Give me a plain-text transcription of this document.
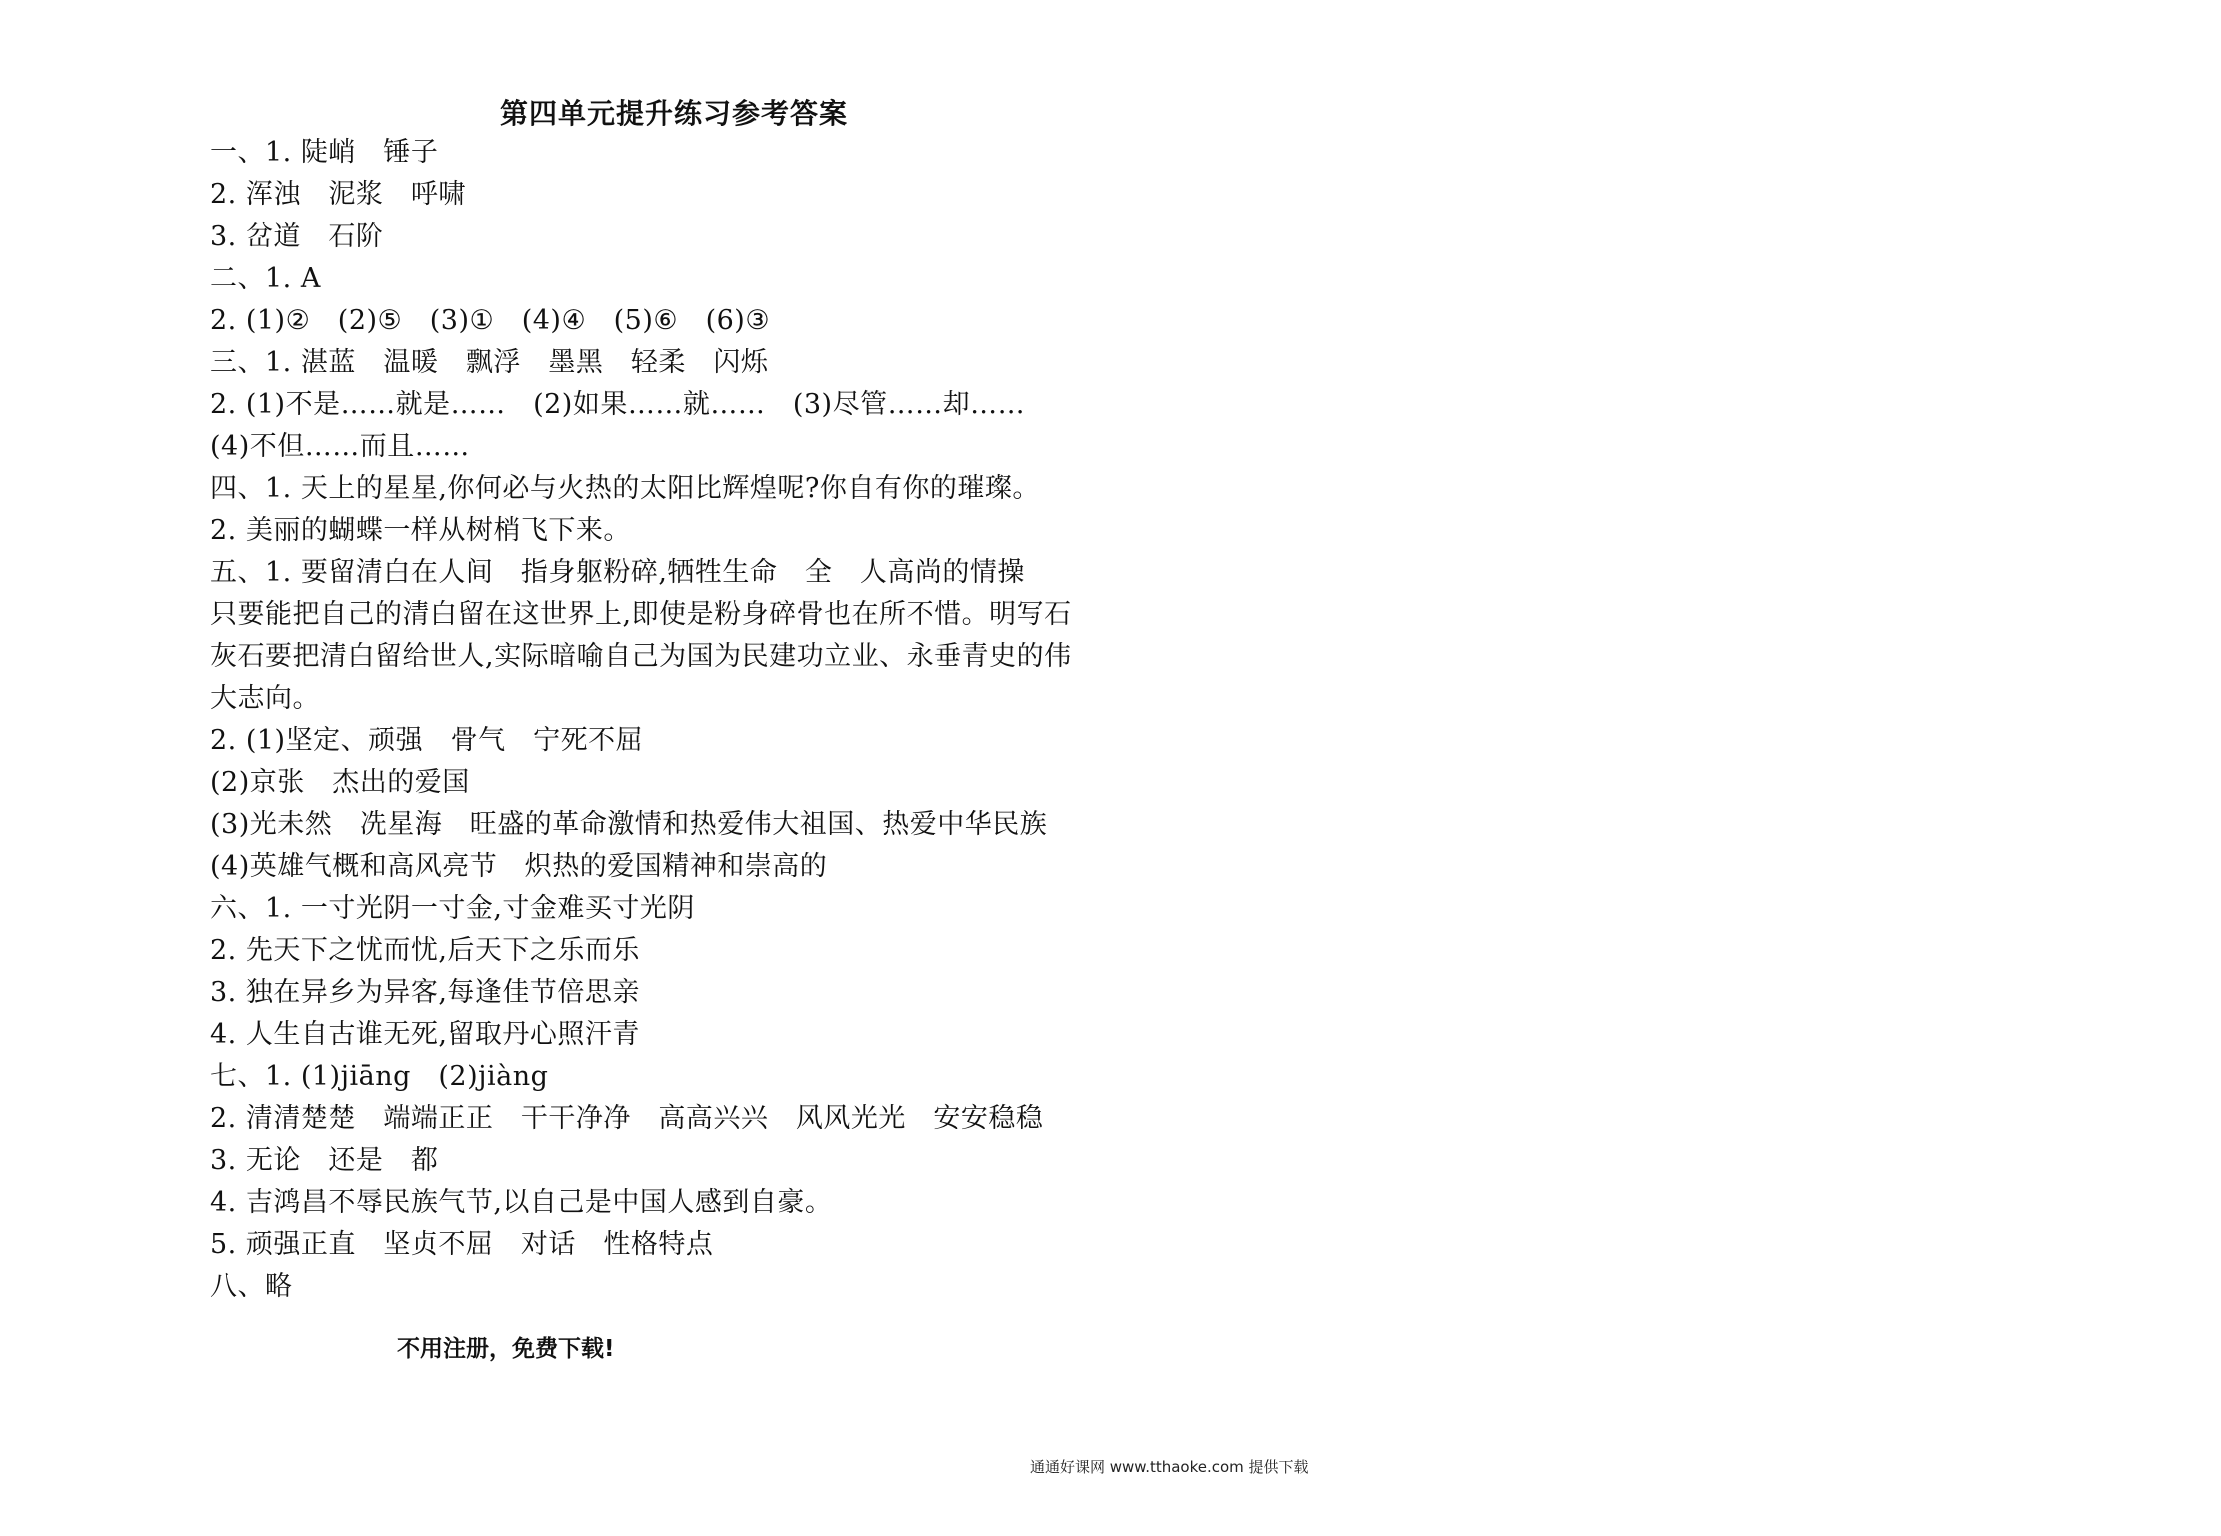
第四单元提升练习参考答案
一、1. 陡峭　锤子
2. 浑浊　泥浆　呼啸
3. 岔道　石阶
二、1. A
2. (1)②　(2)⑤　(3)①　(4)④　(5)⑥　(6)③
三、1. 湛蓝　温暖　飘浮　墨黑　轻柔　闪烁
2. (1)不是……就是……　(2)如果……就……　(3)尽管……却……
(4)不但……而且……
四、1. 天上的星星,你何必与火热的太阳比辉煌呢?你自有你的璀璨。
2. 美丽的蝴蝶一样从树梢飞下来。
五、1. 要留清白在人间　指身躯粉碎,牺牲生命　全　人高尚的情操
只要能把自己的清白留在这世界上,即使是粉身碎骨也在所不惜。明写石
灰石要把清白留给世人,实际暗喻自己为国为民建功立业、永垂青史的伟
大志向。
2. (1)坚定、顽强　骨气　宁死不屈
(2)京张　杰出的爱国
(3)光未然　冼星海　旺盛的革命激情和热爱伟大祖国、热爱中华民族
(4)英雄气概和高风亮节　炽热的爱国精神和崇高的
六、1. 一寸光阴一寸金,寸金难买寸光阴
2. 先天下之忧而忧,后天下之乐而乐
3. 独在异乡为异客,每逢佳节倍思亲
4. 人生自古谁无死,留取丹心照汗青
七、1. (1)jiāng　(2)jiàng
2. 清清楚楚　端端正正　干干净净　高高兴兴　风风光光　安安稳稳
3. 无论　还是　都
4. 吉鸿昌不辱民族气节,以自己是中国人感到自豪。
5. 顽强正直　坚贞不屈　对话　性格特点
八、略
不用注册，免费下载!
通通好课网 www.tthaoke.com 提供下载
